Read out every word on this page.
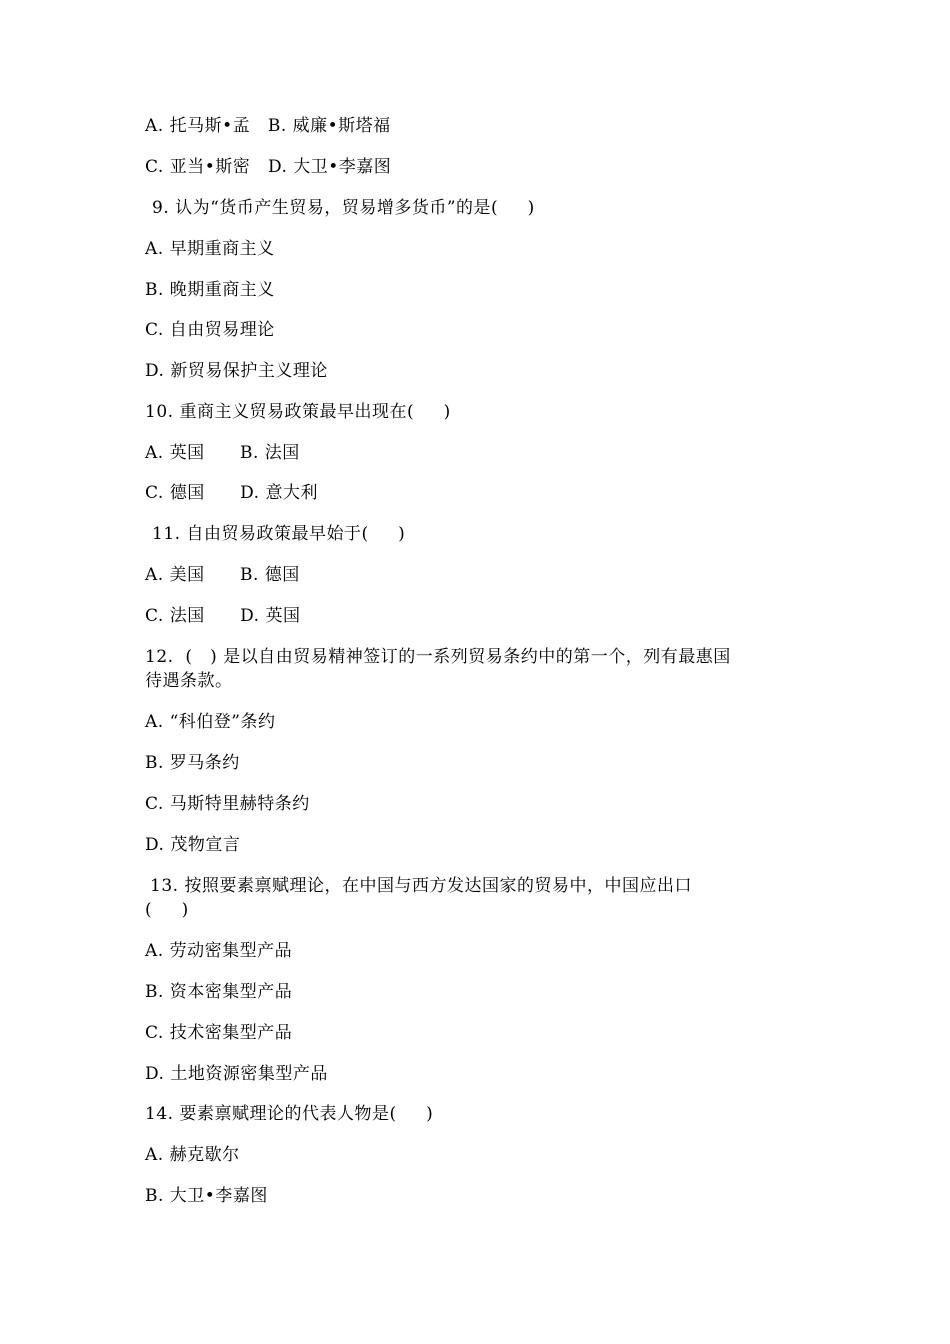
A. 托马斯•孟   B. 威廉•斯塔福
C. 亚当•斯密   D. 大卫•李嘉图
9. 认为“货币产生贸易，贸易增多货币”的是(     )
A. 早期重商主义
B. 晚期重商主义
C. 自由贸易理论
D. 新贸易保护主义理论
10. 重商主义贸易政策最早出现在(     )
A. 英国      B. 法国
C. 德国      D. 意大利
11. 自由贸易政策最早始于(     )
A. 美国      B. 德国
C. 法国      D. 英国
12.  (   ) 是以自由贸易精神签订的一系列贸易条约中的第一个，列有最惠国
待遇条款。
A. “科伯登”条约
B. 罗马条约
C. 马斯特里赫特条约
D. 茂物宣言
13. 按照要素禀赋理论，在中国与西方发达国家的贸易中，中国应出口
(     )
A. 劳动密集型产品
B. 资本密集型产品
C. 技术密集型产品
D. 土地资源密集型产品
14. 要素禀赋理论的代表人物是(     )
A. 赫克歇尔
B. 大卫•李嘉图
